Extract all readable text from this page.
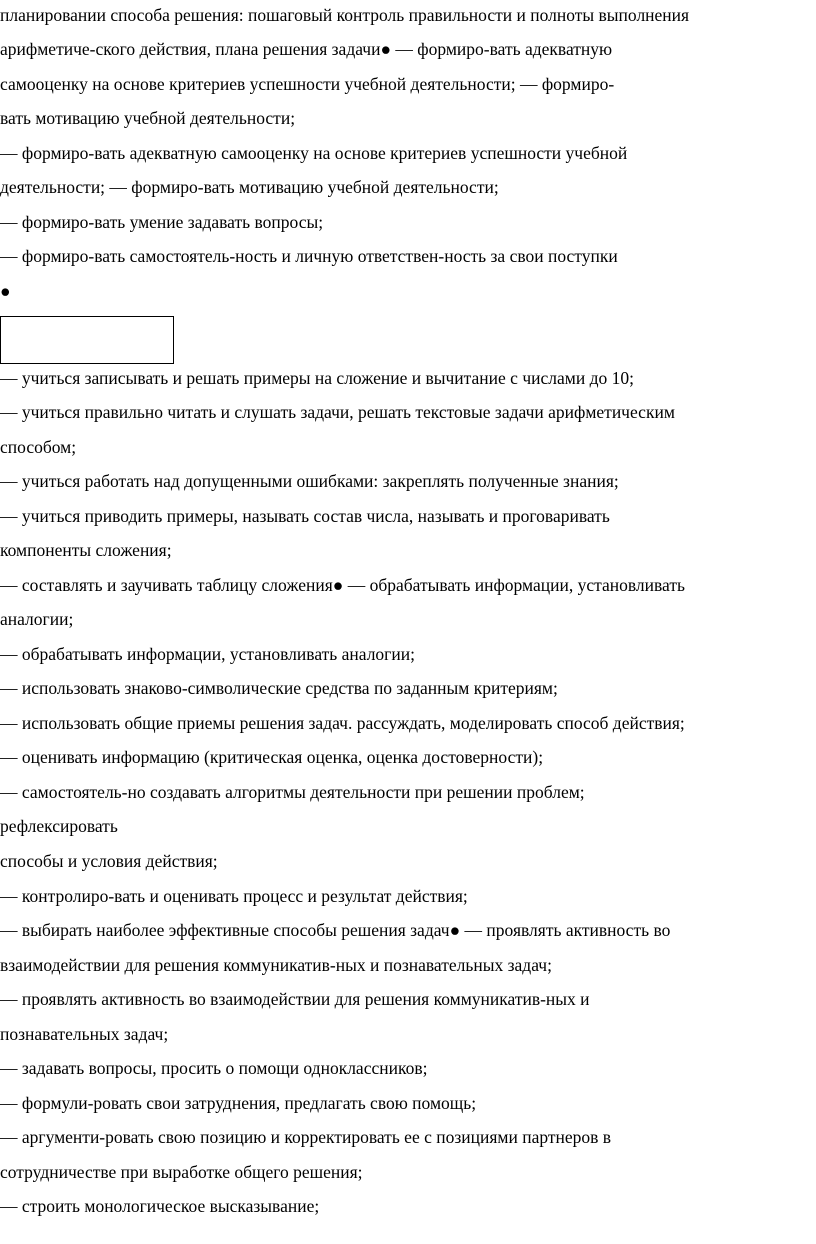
планировании способа решения: пошаговый контроль правильности и полноты выполнения
арифметиче-ского действия, плана решения задачи● — формиро-вать адекватную
самооценку на основе критериев успешности учебной деятельности; — формиро-
вать мотивацию учебной деятельности;
— формиро-вать адекватную самооценку на основе критериев успешности учебной
деятельности; — формиро-вать мотивацию учебной деятельности;
— формиро-вать умение задавать вопросы;
— формиро-вать самостоятель-ность и личную ответствен-ность за свои поступки
●
— учиться записывать и решать примеры на сложение и вычитание с числами до 10;
— учиться правильно читать и слушать задачи, решать текстовые задачи арифметическим
способом;
— учиться работать над допущенными ошибками: закреплять полученные знания;
— учиться приводить примеры, называть состав числа, называть и проговаривать
компоненты сложения;
— составлять и заучивать таблицу сложения● — обрабатывать информации, установливать
аналогии;
— обрабатывать информации, установливать аналогии;
— использовать знаково-символические средства по заданным критериям;
— использовать общие приемы решения задач. рассуждать, моделировать способ действия;
— оценивать информацию (критическая оценка, оценка достоверности);
— самостоятель-но создавать алгоритмы деятельности при решении проблем;
рефлексировать
способы и условия действия;
— контролиро-вать и оценивать процесс и результат действия;
— выбирать наиболее эффективные способы решения задач● — проявлять активность во
взаимодействии для решения коммуникатив-ных и познавательных задач;
— проявлять активность во взаимодействии для решения коммуникатив-ных и
познавательных задач;
— задавать вопросы, просить о помощи одноклассников;
— формули-ровать свои затруднения, предлагать свою помощь;
— аргументи-ровать свою позицию и корректировать ее с позициями партнеров в
сотрудничестве при выработке общего решения;
— строить монологическое высказывание;
